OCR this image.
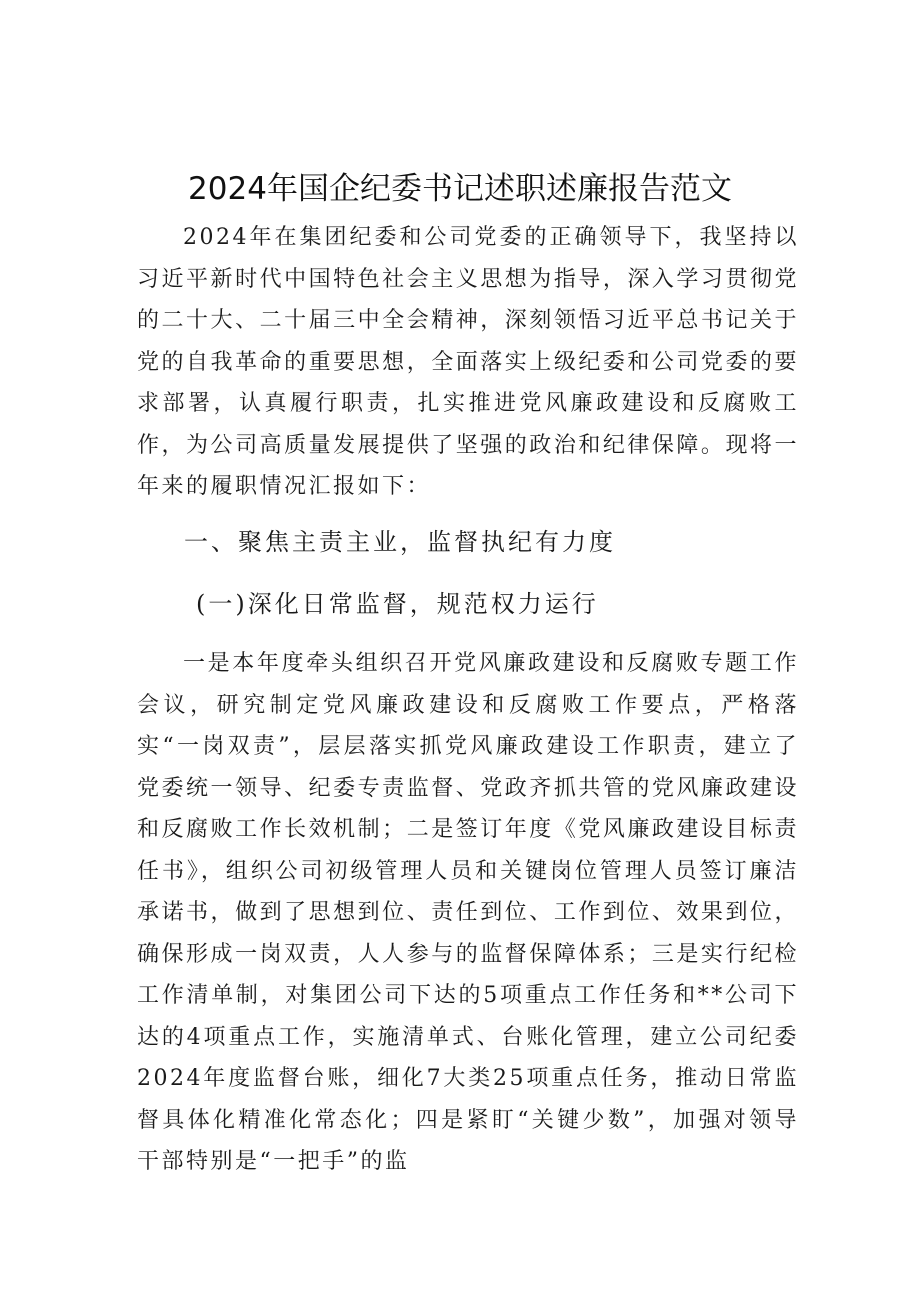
2024年国企纪委书记述职述廉报告范文

2024年在集团纪委和公司党委的正确领导下，我坚持以习近平新时代中国特色社会主义思想为指导，深入学习贯彻党的二十大、二十届三中全会精神，深刻领悟习近平总书记关于党的自我革命的重要思想，全面落实上级纪委和公司党委的要求部署，认真履行职责，扎实推进党风廉政建设和反腐败工作，为公司高质量发展提供了坚强的政治和纪律保障。现将一年来的履职情况汇报如下：

一、聚焦主责主业，监督执纪有力度

(一)深化日常监督，规范权力运行

一是本年度牵头组织召开党风廉政建设和反腐败专题工作会议，研究制定党风廉政建设和反腐败工作要点，严格落实“一岗双责”，层层落实抓党风廉政建设工作职责，建立了党委统一领导、纪委专责监督、党政齐抓共管的党风廉政建设和反腐败工作长效机制；二是签订年度《党风廉政建设目标责任书》，组织公司初级管理人员和关键岗位管理人员签订廉洁承诺书，做到了思想到位、责任到位、工作到位、效果到位，确保形成一岗双责，人人参与的监督保障体系；三是实行纪检工作清单制，对集团公司下达的5项重点工作任务和**公司下达的4项重点工作，实施清单式、台账化管理，建立公司纪委2024年度监督台账，细化7大类25项重点任务，推动日常监督具体化精准化常态化；四是紧盯“关键少数”，加强对领导干部特别是“一把手”的监
